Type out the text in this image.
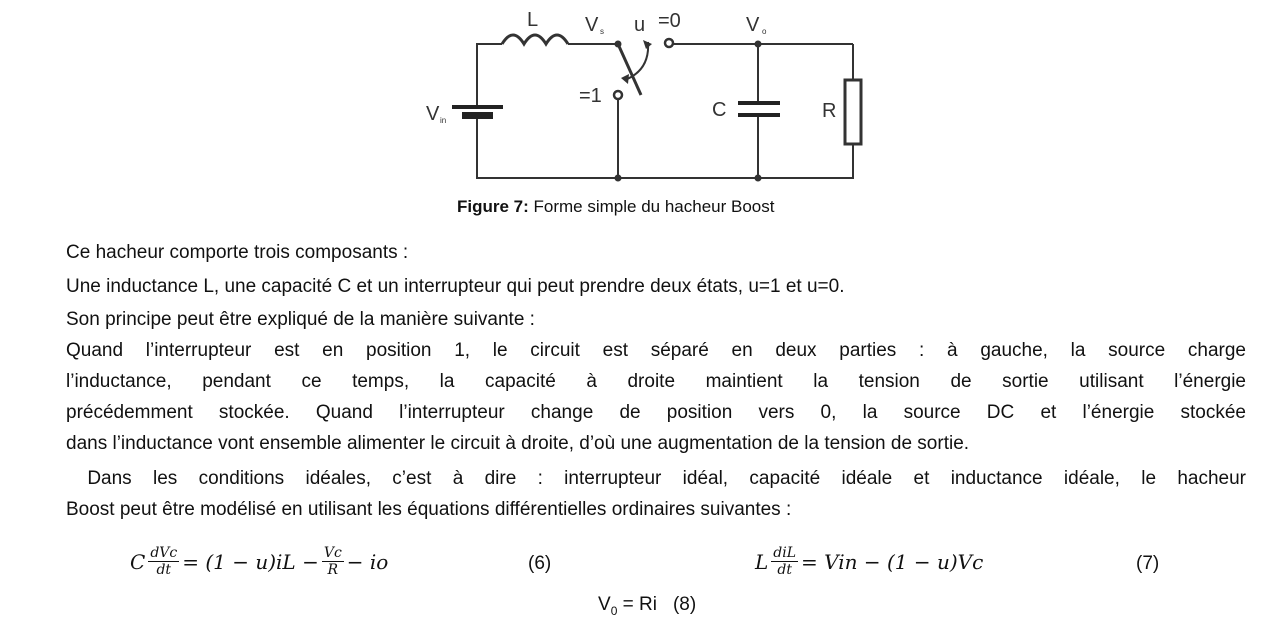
L V s u =0
=1
V o
V in	C	R
Figure 7: Forme simple du hacheur Boost
Ce hacheur comporte trois composants :
Une inductance L, une capacité C et un interrupteur qui peut prendre deux états, u=1 et u=0.
Son principe peut être expliqué de la manière suivante :
Quand l’interrupteur est en position 1, le circuit est séparé en deux parties : à gauche, la source charge
l’inductance, pendant ce temps, la capacité à droite maintient la tension de sortie utilisant l’énergie
précédemment stockée. Quand l’interrupteur change de position vers 0, la source DC et l’énergie stockée
dans l’inductance vont ensemble alimenter le circuit à droite, d’où une augmentation de la tension de sortie.
Dans les conditions idéales, c’est à dire : interrupteur idéal, capacité idéale et inductance idéale, le hacheur
Boost peut être modélisé en utilisant les équations différentielles ordinaires suivantes :
C $\frac{\text{dVc}}{dt} = (1 - u)iL - \frac{Vc}{R}$ − io	(6)	L $\frac{\text{diL}}{dt}$ = Vin − (1 − u)Vc	(7)
$V_0 = Ri$ (8)
